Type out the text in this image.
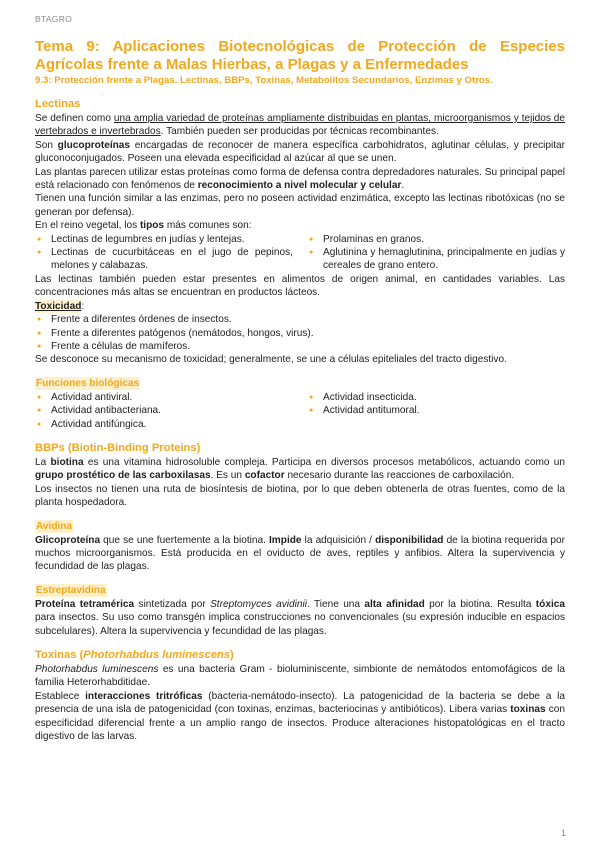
BTAGRO
Tema 9: Aplicaciones Biotecnológicas de Protección de Especies Agrícolas frente a Malas Hierbas, a Plagas y a Enfermedades

9.3: Protección frente a Plagas. Lectinas, BBPs, Toxinas, Metabolitos Secundarios, Enzimas y Otros.

Lectinas

Se definen como una amplia variedad de proteínas ampliamente distribuidas en plantas, microorganismos y tejidos de vertebrados e invertebrados. También pueden ser producidas por técnicas recombinantes.

Son glucoproteínas encargadas de reconocer de manera específica carbohidratos, aglutinar células, y precipitar gluconoconjugados. Poseen una elevada especificidad al azúcar al que se unen.

Las plantas parecen utilizar estas proteínas como forma de defensa contra depredadores naturales. Su principal papel está relacionado con fenómenos de reconocimiento a nivel molecular y celular.

Tienen una función similar a las enzimas, pero no poseen actividad enzimática, excepto las lectinas ribotóxicas (no se generan por defensa).

En el reino vegetal, los tipos más comunes son:

● Lectinas de legumbres en judías y lentejas.
● Lectinas de cucurbitáceas en el jugo de pepinos, melones y calabazas.
● Prolaminas en granos.
● Aglutinina y hemaglutinina, principalmente en judías y cereales de grano entero.

Las lectinas también pueden estar presentes en alimentos de origen animal, en cantidades variables. Las concentraciones más altas se encuentran en productos lácteos.

Toxicidad:

● Frente a diferentes órdenes de insectos.
● Frente a diferentes patógenos (nemátodos, hongos, virus).
● Frente a células de mamíferos.

Se desconoce su mecanismo de toxicidad; generalmente, se une a células epiteliales del tracto digestivo.

Funciones biológicas
● Actividad antiviral.
● Actividad antibacteriana.
● Actividad antifúngica.
● Actividad insecticida.
● Actividad antitumoral.
BBPs (Biotin-Binding Proteins)

La biotina es una vitamina hidrosoluble compleja. Participa en diversos procesos metabólicos, actuando como un grupo prostético de las carboxilasas. Es un cofactor necesario durante las reacciones de carboxilación.

Los insectos no tienen una ruta de biosíntesis de biotina, por lo que deben obtenerla de otras fuentes, como de la planta hospedadora.

Avidina

Glicoproteína que se une fuertemente a la biotina. Impide la adquisición / disponibilidad de la biotina requerida por muchos microorganismos. Está producida en el oviducto de aves, reptiles y anfibios. Altera la supervivencia y fecundidad de las plagas.

Estreptavidina

Proteína tetramérica sintetizada por Streptomyces avidinii. Tiene una alta afinidad por la biotina. Resulta tóxica para insectos. Su uso como transgén implica construcciones no convencionales (su expresión inducible en espacios subcelulares). Altera la supervivencia y fecundidad de las plagas.

Toxinas (Photorhabdus luminescens)

Photorhabdus luminescens es una bacteria Gram - bioluminiscente, simbionte de nemátodos entomofágicos de la familia Heterorhabditidae.

Establece interacciones tritróficas (bacteria-nemátodo-insecto). La patogenicidad de la bacteria se debe a la presencia de una isla de patogenicidad (con toxinas, enzimas, bacteriocinas y antibióticos). Libera varias toxinas con especificidad diferencial frente a un amplio rango de insectos. Produce alteraciones histopatológicas en el tracto digestivo de las larvas.

1
